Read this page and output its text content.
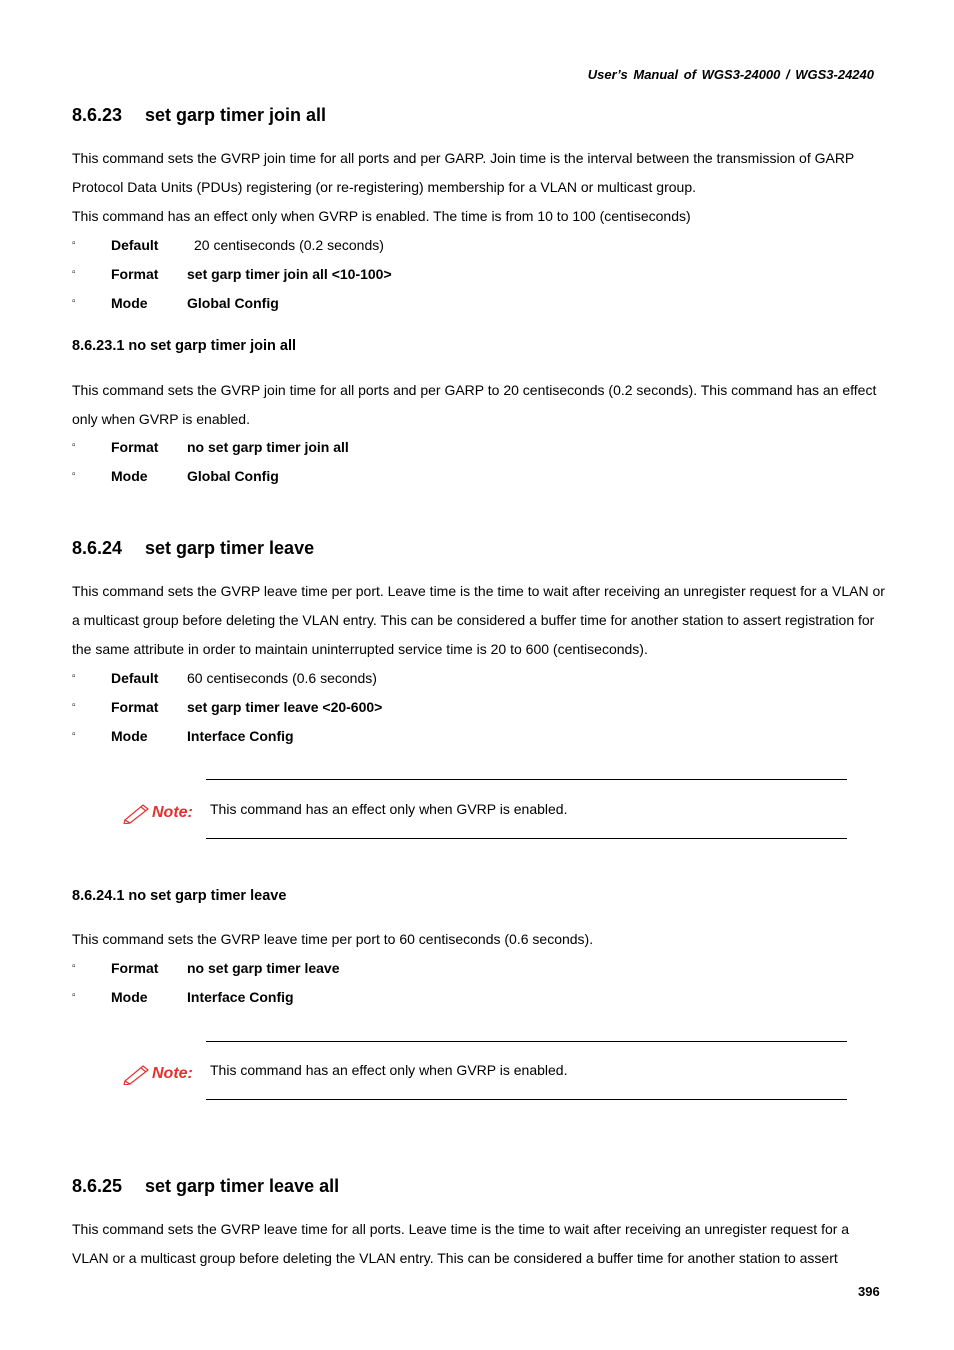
User’s Manual of WGS3-24000 / WGS3-24240
8.6.23 set garp timer join all
This command sets the GVRP join time for all ports and per GARP. Join time is the interval between the transmission of GARP Protocol Data Units (PDUs) registering (or re-registering) membership for a VLAN or multicast group.
This command has an effect only when GVRP is enabled. The time is from 10 to 100 (centiseconds)
▫	Default	20 centiseconds (0.2 seconds)
▫	Format set garp timer join all <10-100>
▫	Mode	Global Config
8.6.23.1 no set garp timer join all
This command sets the GVRP join time for all ports and per GARP to 20 centiseconds (0.2 seconds). This command has an effect only when GVRP is enabled.
▫	Format no set garp timer join all
▫	Mode	Global Config
8.6.24 set garp timer leave
This command sets the GVRP leave time per port. Leave time is the time to wait after receiving an unregister request for a VLAN or a multicast group before deleting the VLAN entry. This can be considered a buffer time for another station to assert registration for the same attribute in order to maintain uninterrupted service time is 20 to 600 (centiseconds).
▫	Default 60 centiseconds (0.6 seconds)
▫	Format set garp timer leave <20-600>
▫	Mode	Interface Config
Note: This command has an effect only when GVRP is enabled.
8.6.24.1 no set garp timer leave
This command sets the GVRP leave time per port to 60 centiseconds (0.6 seconds).
▫	Format no set garp timer leave
▫	Mode	Interface Config
Note: This command has an effect only when GVRP is enabled.
8.6.25 set garp timer leave all
This command sets the GVRP leave time for all ports. Leave time is the time to wait after receiving an unregister request for a VLAN or a multicast group before deleting the VLAN entry. This can be considered a buffer time for another station to assert
396
